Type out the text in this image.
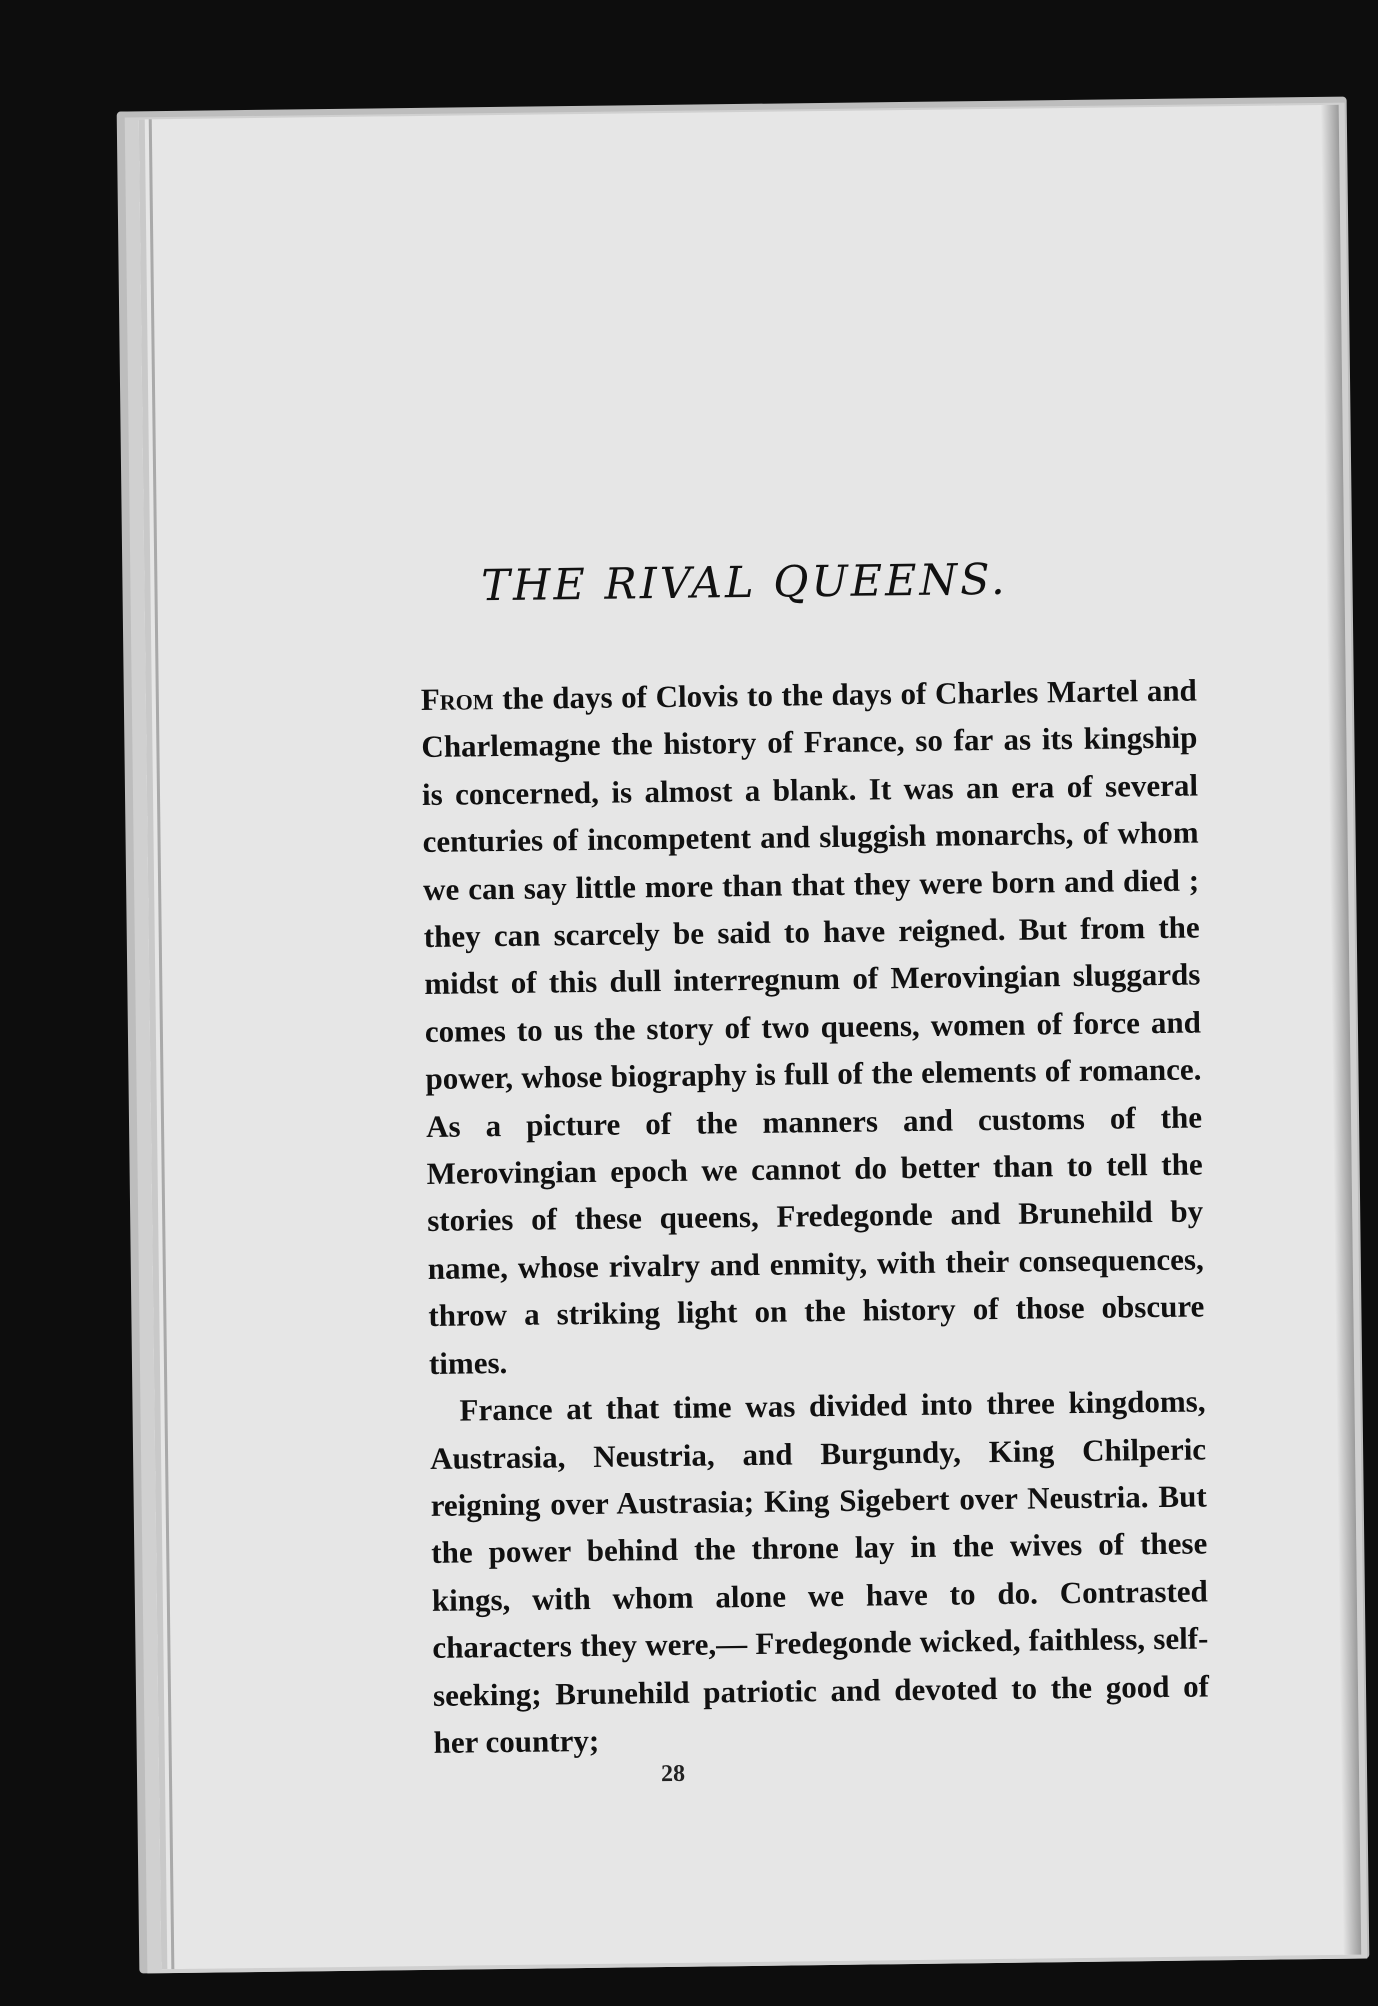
THE RIVAL QUEENS.

From the days of Clovis to the days of Charles Martel and Charlemagne the history of France, so far as its kingship is concerned, is almost a blank. It was an era of several centuries of incompetent and sluggish monarchs, of whom we can say little more than that they were born and died ; they can scarcely be said to have reigned. But from the midst of this dull interregnum of Merovingian sluggards comes to us the story of two queens, women of force and power, whose biography is full of the elements of romance. As a picture of the manners and customs of the Merovingian epoch we cannot do better than to tell the stories of these queens, Fredegonde and Brunehild by name, whose rivalry and enmity, with their consequences, throw a striking light on the history of those obscure times.

France at that time was divided into three kingdoms, Austrasia, Neustria, and Burgundy, King Chilperic reigning over Austrasia; King Sigebert over Neustria. But the power behind the throne lay in the wives of these kings, with whom alone we have to do. Contrasted characters they were,— Fredegonde wicked, faithless, self-seeking; Brunehild patriotic and devoted to the good of her country;

28
